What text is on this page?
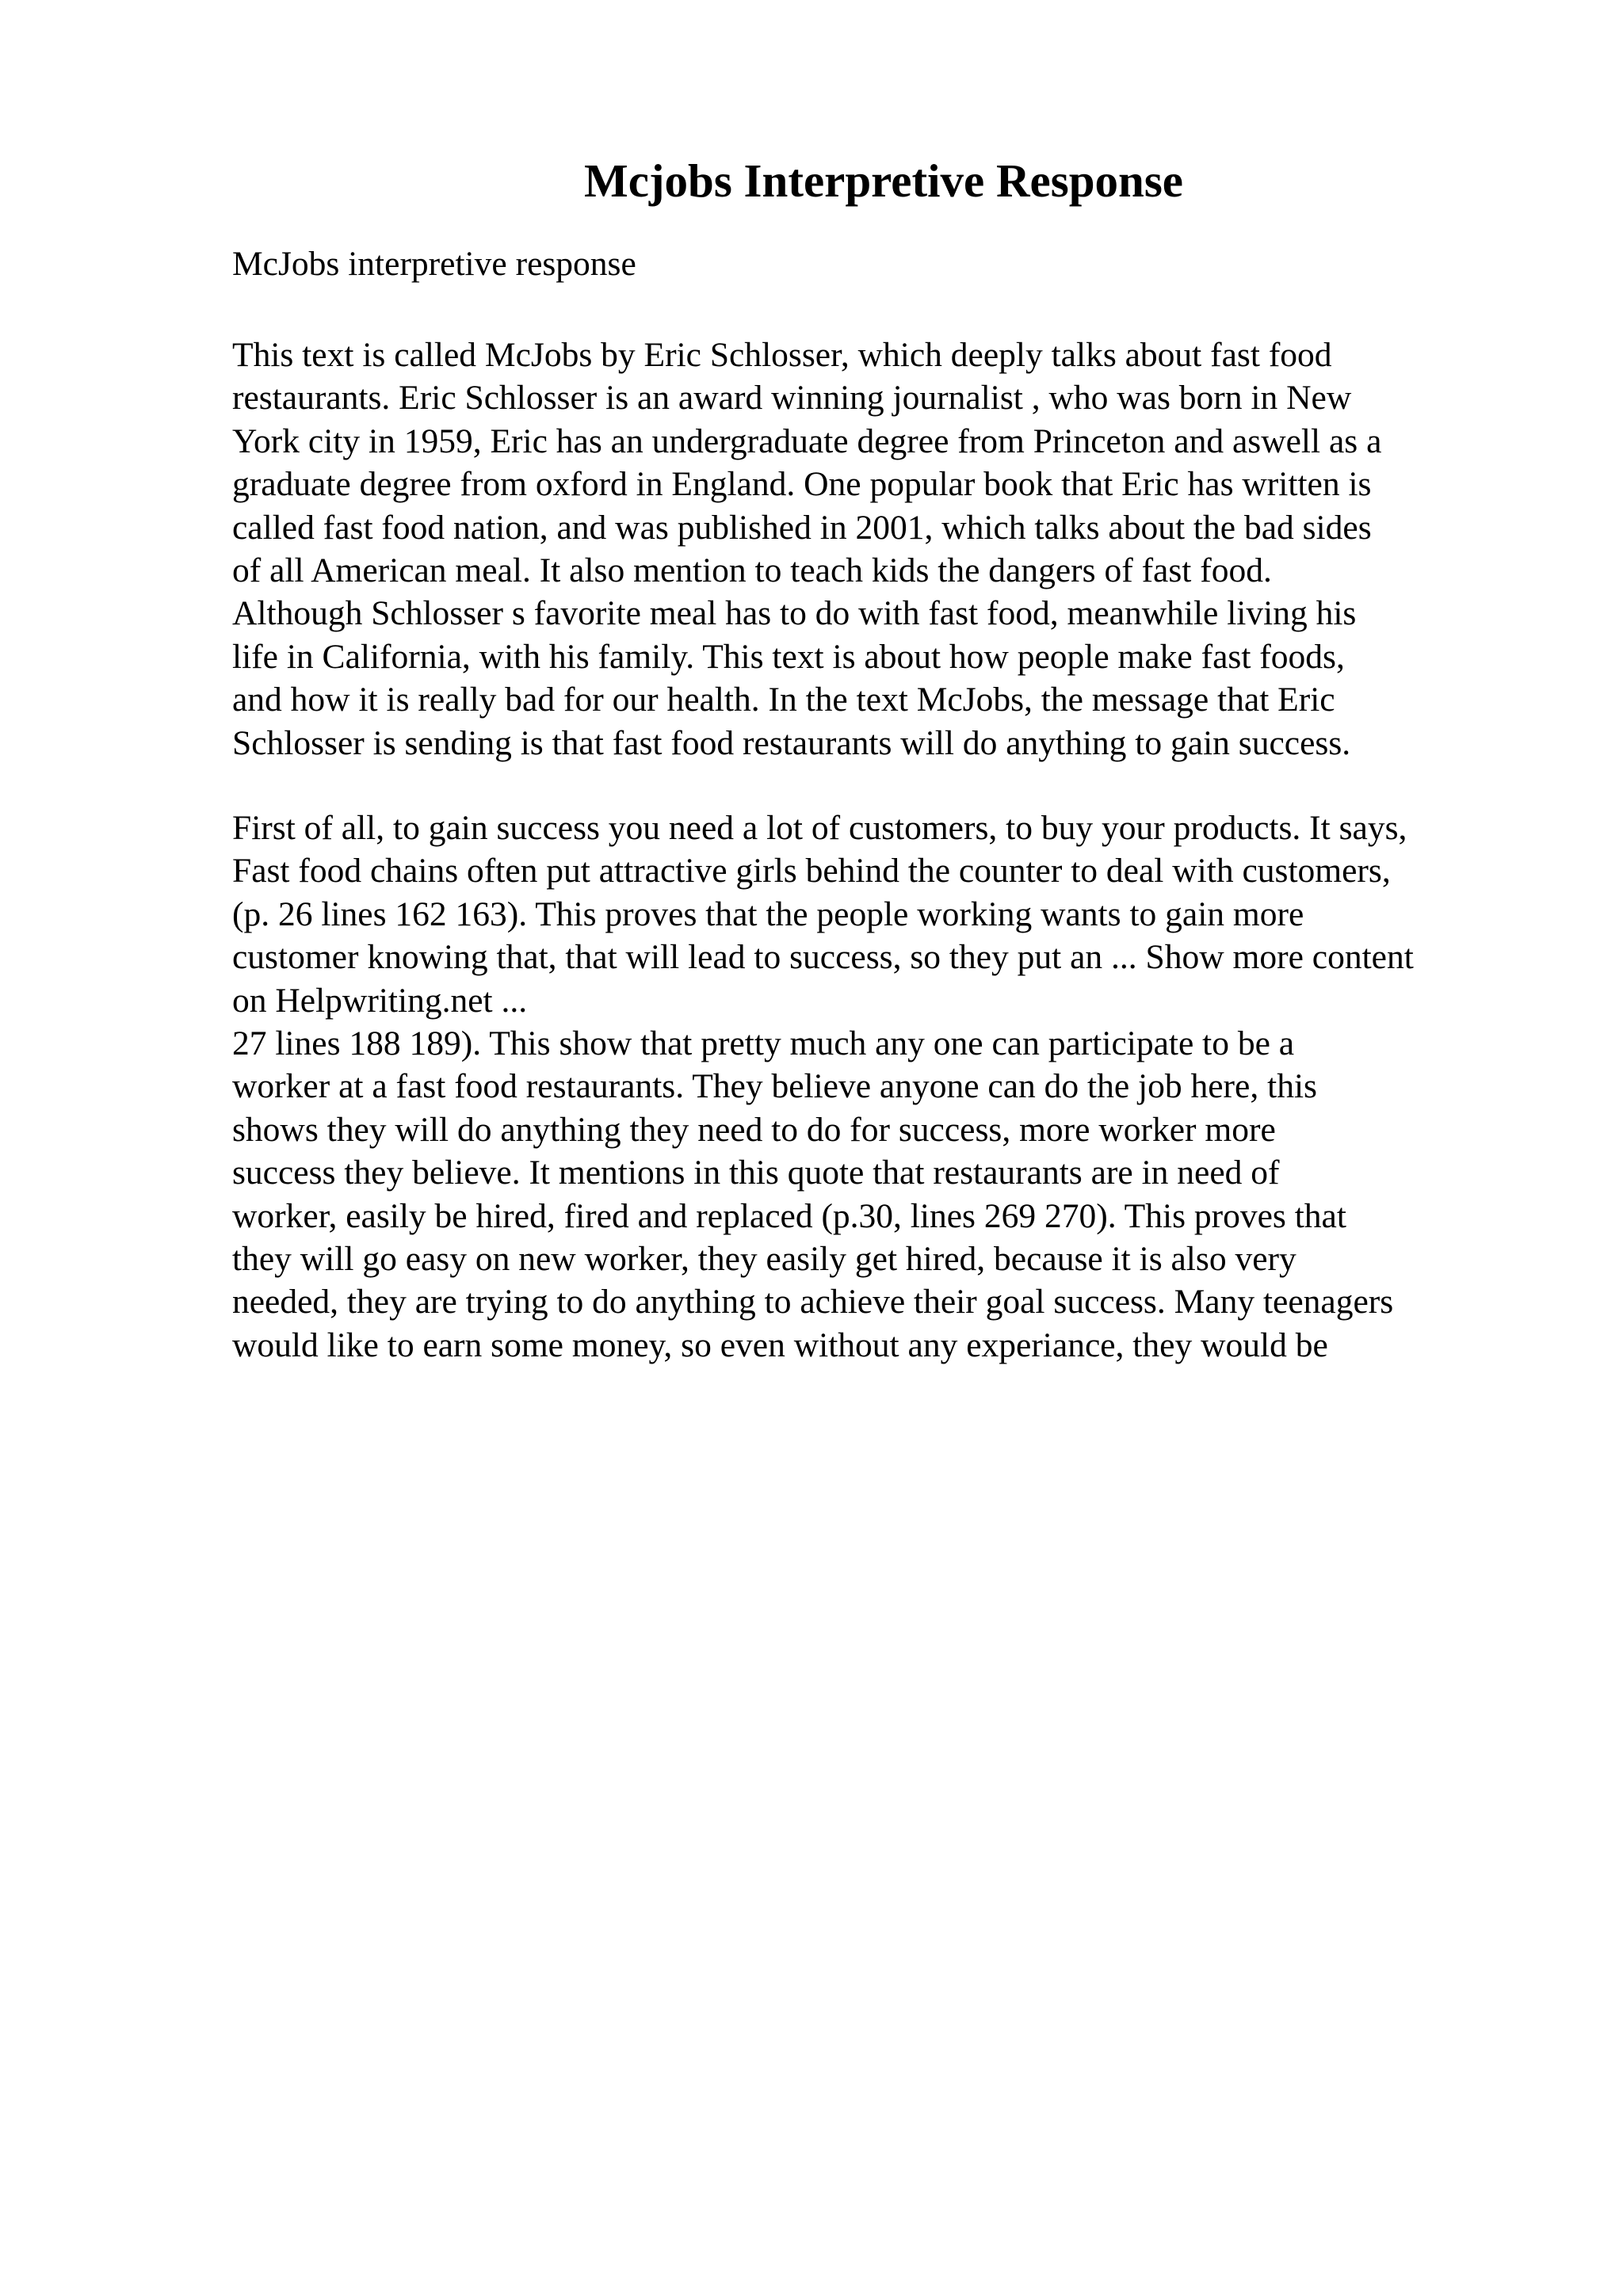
Mcjobs Interpretive Response

McJobs interpretive response

This text is called McJobs by Eric Schlosser, which deeply talks about fast food
restaurants. Eric Schlosser is an award winning journalist , who was born in New
York city in 1959, Eric has an undergraduate degree from Princeton and aswell as a
graduate degree from oxford in England. One popular book that Eric has written is
called fast food nation, and was published in 2001, which talks about the bad sides
of all American meal. It also mention to teach kids the dangers of fast food.
Although Schlosser s favorite meal has to do with fast food, meanwhile living his
life in California, with his family. This text is about how people make fast foods,
and how it is really bad for our health. In the text McJobs, the message that Eric
Schlosser is sending is that fast food restaurants will do anything to gain success.

First of all, to gain success you need a lot of customers, to buy your products. It says,
Fast food chains often put attractive girls behind the counter to deal with customers,
(p. 26 lines 162 163). This proves that the people working wants to gain more
customer knowing that, that will lead to success, so they put an ... Show more content
on Helpwriting.net ...
27 lines 188 189). This show that pretty much any one can participate to be a
worker at a fast food restaurants. They believe anyone can do the job here, this
shows they will do anything they need to do for success, more worker more
success they believe. It mentions in this quote that restaurants are in need of
worker, easily be hired, fired and replaced (p.30, lines 269 270). This proves that
they will go easy on new worker, they easily get hired, because it is also very
needed, they are trying to do anything to achieve their goal success. Many teenagers
would like to earn some money, so even without any experiance, they would be
